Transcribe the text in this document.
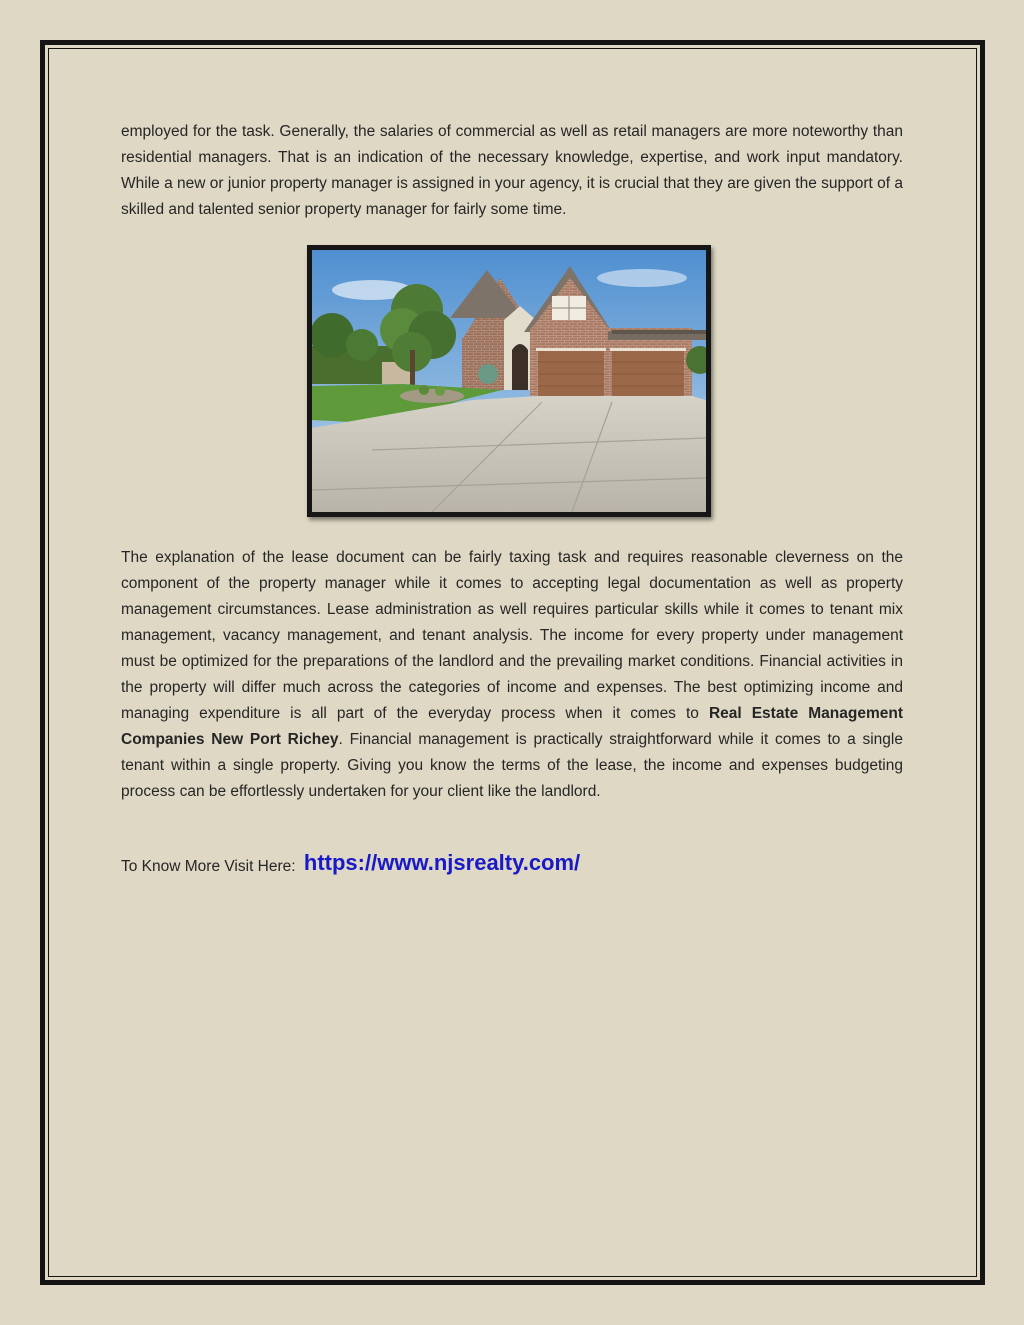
employed for the task. Generally, the salaries of commercial as well as retail managers are more noteworthy than residential managers. That is an indication of the necessary knowledge, expertise, and work input mandatory. While a new or junior property manager is assigned in your agency, it is crucial that they are given the support of a skilled and talented senior property manager for fairly some time.

The explanation of the lease document can be fairly taxing task and requires reasonable cleverness on the component of the property manager while it comes to accepting legal documentation as well as property management circumstances. Lease administration as well requires particular skills while it comes to tenant mix management, vacancy management, and tenant analysis. The income for every property under management must be optimized for the preparations of the landlord and the prevailing market conditions. Financial activities in the property will differ much across the categories of income and expenses. The best optimizing income and managing expenditure is all part of the everyday process when it comes to Real Estate Management Companies New Port Richey. Financial management is practically straightforward while it comes to a single tenant within a single property. Giving you know the terms of the lease, the income and expenses budgeting process can be effortlessly undertaken for your client like the landlord.

To Know More Visit Here: https://www.njsrealty.com/
